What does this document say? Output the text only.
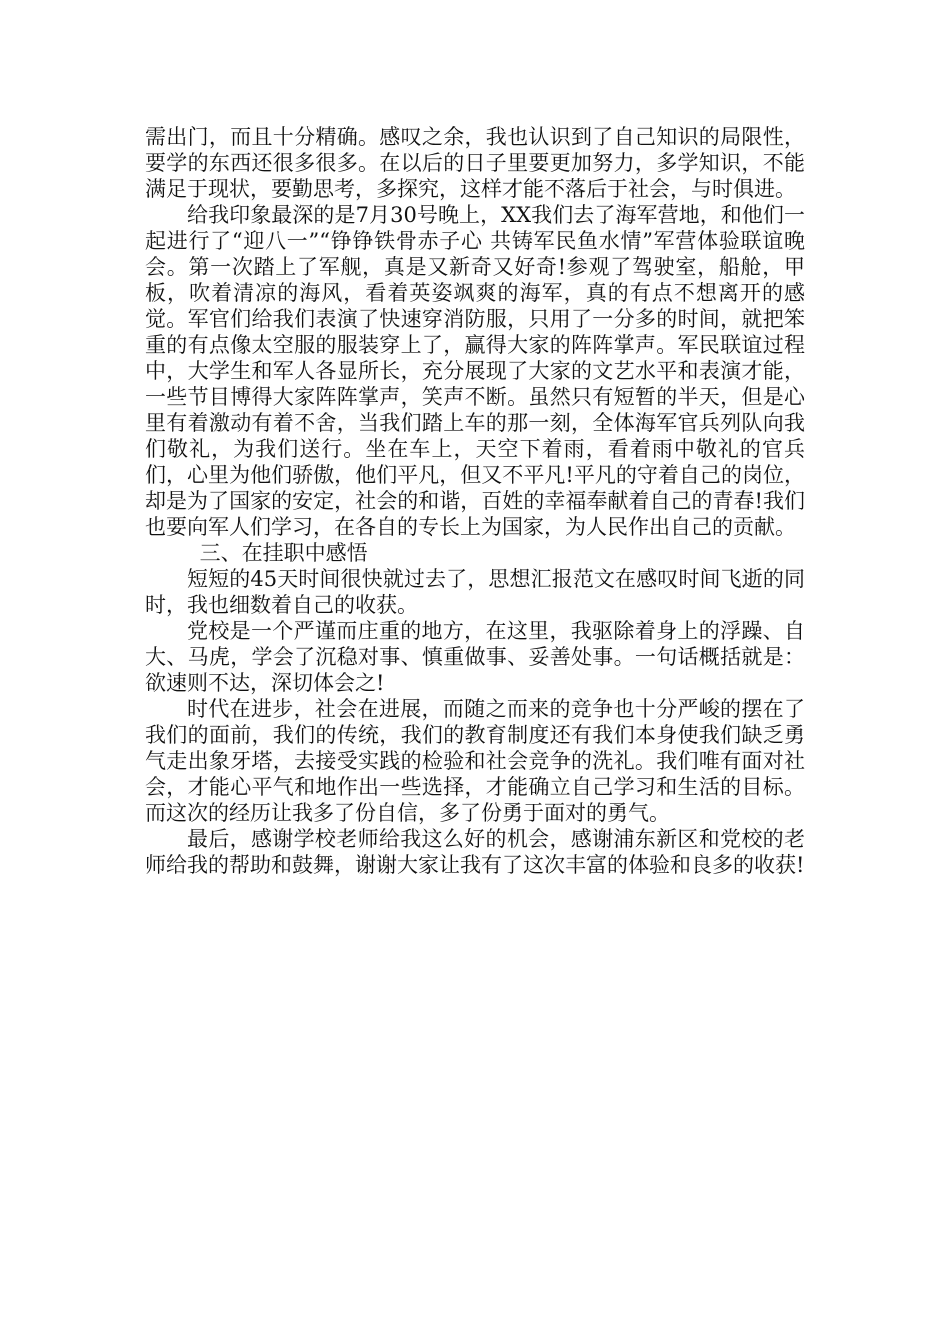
需出门，而且十分精确。感叹之余，我也认识到了自己知识的局限性，要学的东西还很多很多。在以后的日子里要更加努力，多学知识，不能满足于现状，要勤思考，多探究，这样才能不落后于社会，与时俱进。

给我印象最深的是7月30号晚上，XX我们去了海军营地，和他们一起进行了“迎八一”“铮铮铁骨赤子心 共铸军民鱼水情”军营体验联谊晚会。第一次踏上了军舰，真是又新奇又好奇!参观了驾驶室，船舱，甲板，吹着清凉的海风，看着英姿飒爽的海军，真的有点不想离开的感觉。军官们给我们表演了快速穿消防服，只用了一分多的时间，就把笨重的有点像太空服的服装穿上了，赢得大家的阵阵掌声。军民联谊过程中，大学生和军人各显所长，充分展现了大家的文艺水平和表演才能，一些节目博得大家阵阵掌声，笑声不断。虽然只有短暂的半天，但是心里有着激动有着不舍，当我们踏上车的那一刻，全体海军官兵列队向我们敬礼，为我们送行。坐在车上，天空下着雨，看着雨中敬礼的官兵们，心里为他们骄傲，他们平凡，但又不平凡!平凡的守着自己的岗位，却是为了国家的安定，社会的和谐，百姓的幸福奉献着自己的青春!我们也要向军人们学习，在各自的专长上为国家，为人民作出自己的贡献。

三、在挂职中感悟

短短的45天时间很快就过去了，思想汇报范文在感叹时间飞逝的同时，我也细数着自己的收获。

党校是一个严谨而庄重的地方，在这里，我驱除着身上的浮躁、自大、马虎，学会了沉稳对事、慎重做事、妥善处事。一句话概括就是：欲速则不达，深切体会之!

时代在进步，社会在进展，而随之而来的竞争也十分严峻的摆在了我们的面前，我们的传统，我们的教育制度还有我们本身使我们缺乏勇气走出象牙塔，去接受实践的检验和社会竞争的洗礼。我们唯有面对社会，才能心平气和地作出一些选择，才能确立自己学习和生活的目标。而这次的经历让我多了份自信，多了份勇于面对的勇气。

最后，感谢学校老师给我这么好的机会，感谢浦东新区和党校的老师给我的帮助和鼓舞，谢谢大家让我有了这次丰富的体验和良多的收获!
